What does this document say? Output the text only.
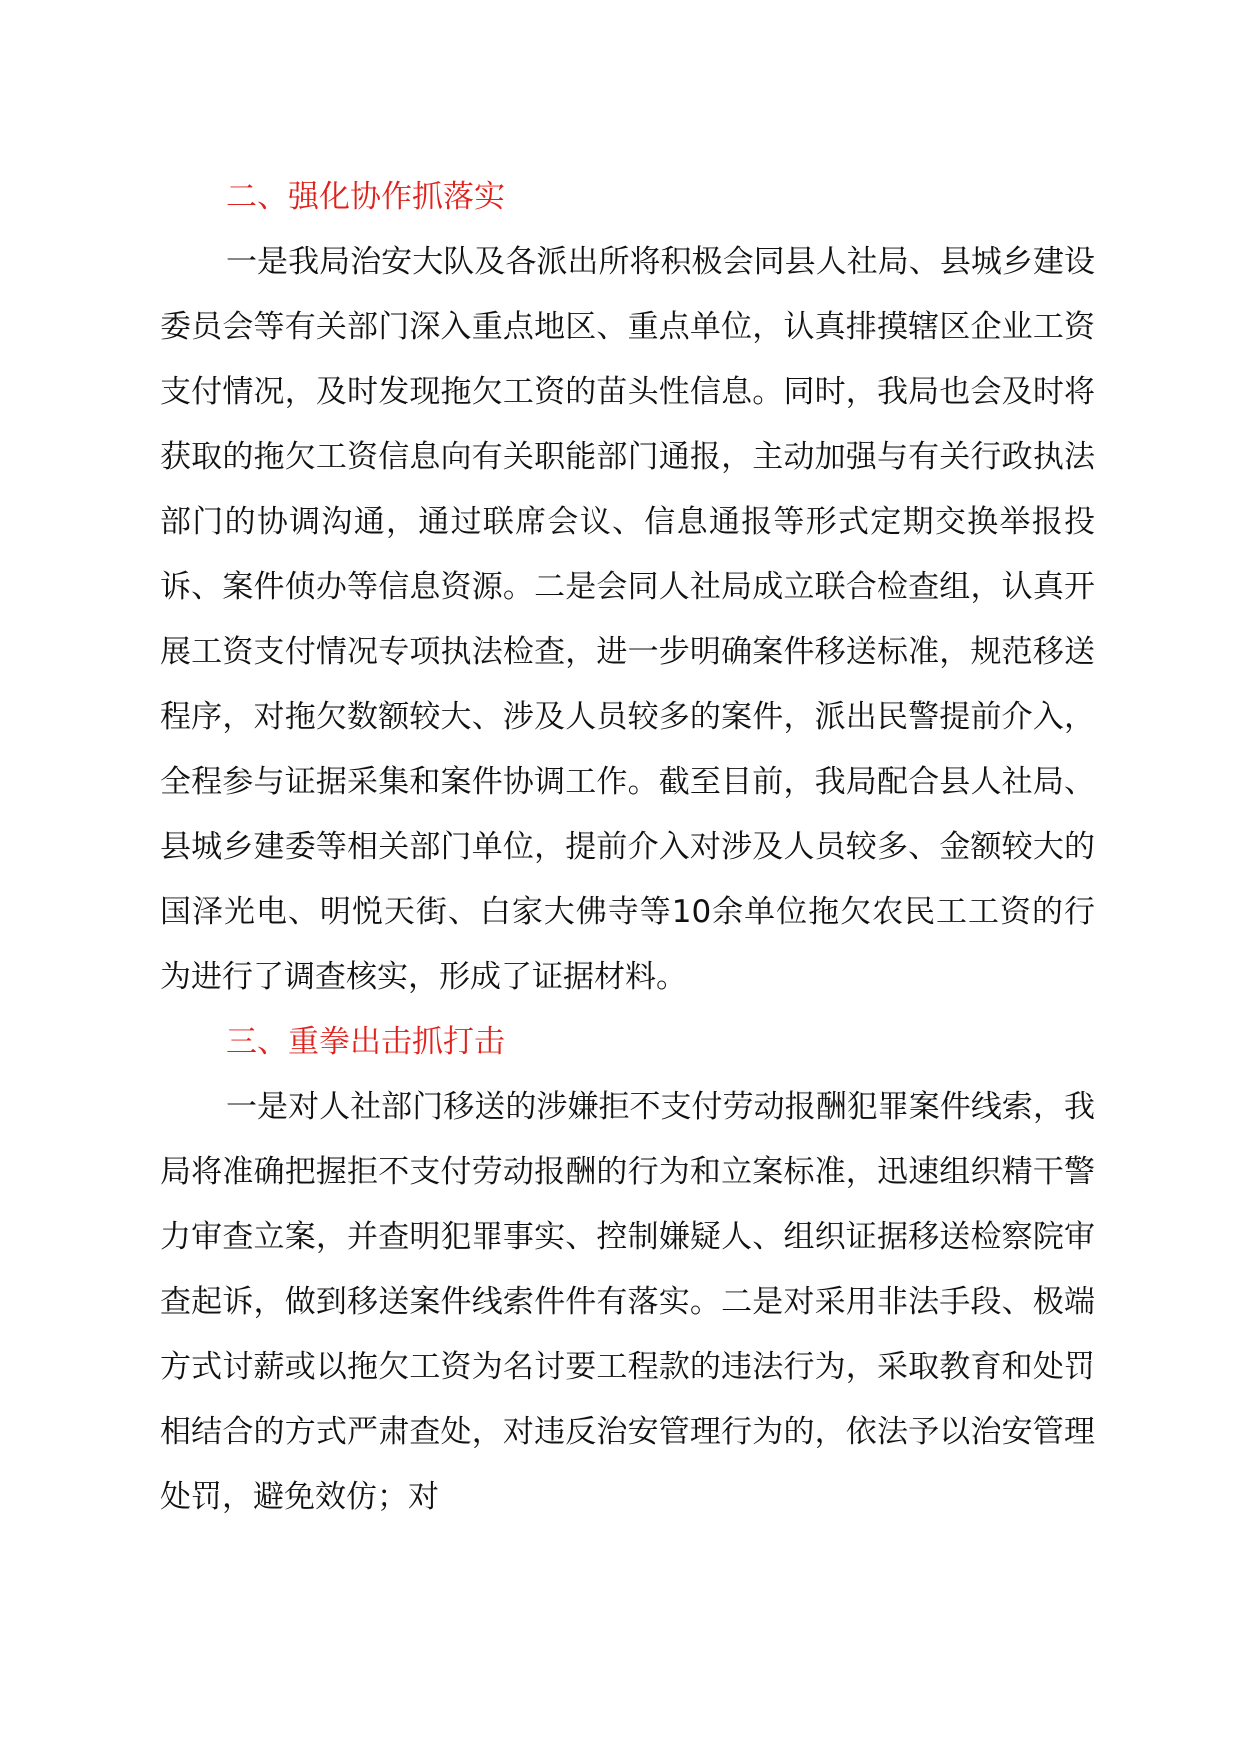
二、强化协作抓落实
一是我局治安大队及各派出所将积极会同县人社局、县城乡建设委员会等有关部门深入重点地区、重点单位，认真排摸辖区企业工资支付情况，及时发现拖欠工资的苗头性信息。同时，我局也会及时将获取的拖欠工资信息向有关职能部门通报，主动加强与有关行政执法部门的协调沟通，通过联席会议、信息通报等形式定期交换举报投诉、案件侦办等信息资源。二是会同人社局成立联合检查组，认真开展工资支付情况专项执法检查，进一步明确案件移送标准，规范移送程序，对拖欠数额较大、涉及人员较多的案件，派出民警提前介入，全程参与证据采集和案件协调工作。截至目前，我局配合县人社局、县城乡建委等相关部门单位，提前介入对涉及人员较多、金额较大的国泽光电、明悦天街、白家大佛寺等10余单位拖欠农民工工资的行为进行了调查核实，形成了证据材料。
三、重拳出击抓打击
一是对人社部门移送的涉嫌拒不支付劳动报酬犯罪案件线索，我局将准确把握拒不支付劳动报酬的行为和立案标准，迅速组织精干警力审查立案，并查明犯罪事实、控制嫌疑人、组织证据移送检察院审查起诉，做到移送案件线索件件有落实。二是对采用非法手段、极端方式讨薪或以拖欠工资为名讨要工程款的违法行为，采取教育和处罚相结合的方式严肃查处，对违反治安管理行为的，依法予以治安管理处罚，避免效仿；对
